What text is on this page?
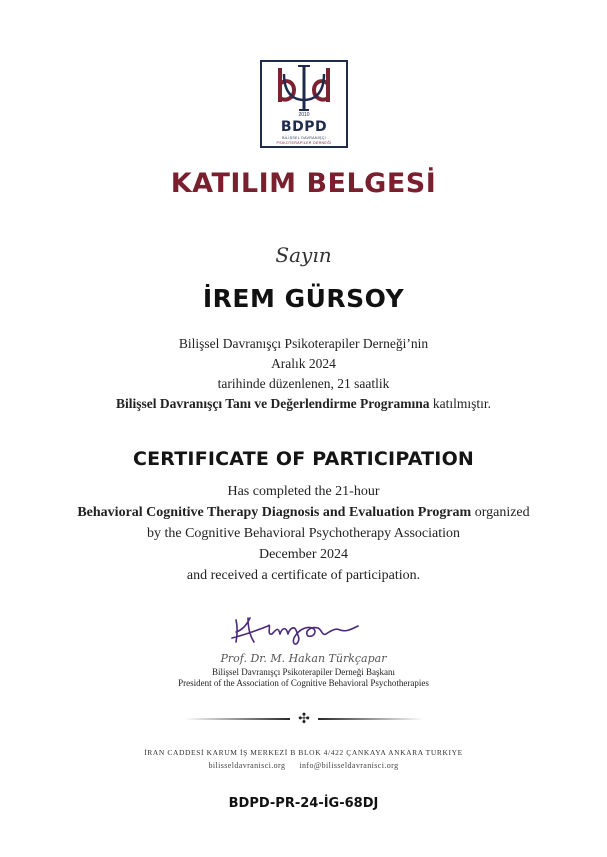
2010
BDPD
BİLİŞSEL DAVRANIŞÇI
PSİKOTERAPİLER DERNEĞİ
KATILIM BELGESİ
Sayın
İREM GÜRSOY
Bilişsel Davranışçı Psikoterapiler Derneği’nin
Aralık 2024
tarihinde düzenlenen, 21 saatlik
Bilişsel Davranışçı Tanı ve Değerlendirme Programına katılmıştır.
CERTIFICATE OF PARTICIPATION
Has completed the 21-hour
Behavioral Cognitive Therapy Diagnosis and Evaluation Program organized
by the Cognitive Behavioral Psychotherapy Association
December 2024
and received a certificate of participation.
Prof. Dr. M. Hakan Türkçapar
Bilişsel Davranışçı Psikoterapiler Derneği Başkanı
President of the Association of Cognitive Behavioral Psychotherapies
✣
İRAN CADDESİ KARUM İŞ MERKEZİ B BLOK 4/422 ÇANKAYA ANKARA TURKIYE
bilisseldavranisci.org info@bilisseldavranisci.org
BDPD-PR-24-İG-68DJ
